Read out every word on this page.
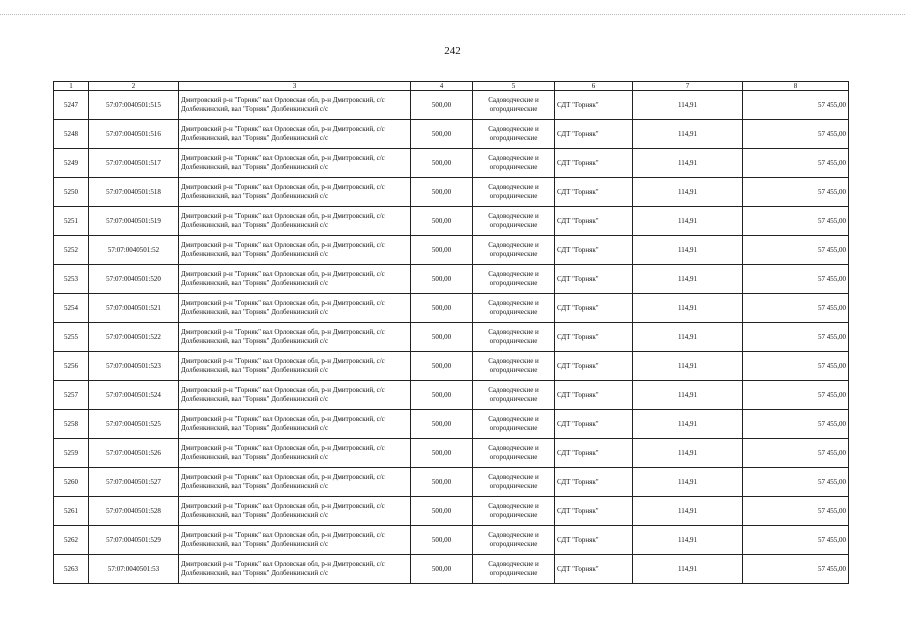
242
1	2	3	4	5	6	7	8
5247	57:07:0040501:515	Дмитровский р-н "Горняк" вал Орловская обл, р-н Дмитровский, с/с Долбенкинский, вал "Горняк" Долбенкинский с/с	500,00	Садоводческие и огороднические	СДТ "Горняк"	114,91	57 455,00
5248	57:07:0040501:516	Дмитровский р-н "Горняк" вал Орловская обл, р-н Дмитровский, с/с Долбенкинский, вал "Горняк" Долбенкинский с/с	500,00	Садоводческие и огороднические	СДТ "Горняк"	114,91	57 455,00
5249	57:07:0040501:517	Дмитровский р-н "Горняк" вал Орловская обл, р-н Дмитровский, с/с Долбенкинский, вал "Горняк" Долбенкинский с/с	500,00	Садоводческие и огороднические	СДТ "Горняк"	114,91	57 455,00
5250	57:07:0040501:518	Дмитровский р-н "Горняк" вал Орловская обл, р-н Дмитровский, с/с Долбенкинский, вал "Горняк" Долбенкинский с/с	500,00	Садоводческие и огороднические	СДТ "Горняк"	114,91	57 455,00
5251	57:07:0040501:519	Дмитровский р-н "Горняк" вал Орловская обл, р-н Дмитровский, с/с Долбенкинский, вал "Горняк" Долбенкинский с/с	500,00	Садоводческие и огороднические	СДТ "Горняк"	114,91	57 455,00
5252	57:07:0040501:52	Дмитровский р-н "Горняк" вал Орловская обл, р-н Дмитровский, с/с Долбенкинский, вал "Горняк" Долбенкинский с/с	500,00	Садоводческие и огороднические	СДТ "Горняк"	114,91	57 455,00
5253	57:07:0040501:520	Дмитровский р-н "Горняк" вал Орловская обл, р-н Дмитровский, с/с Долбенкинский, вал "Горняк" Долбенкинский с/с	500,00	Садоводческие и огороднические	СДТ "Горняк"	114,91	57 455,00
5254	57:07:0040501:521	Дмитровский р-н "Горняк" вал Орловская обл, р-н Дмитровский, с/с Долбенкинский, вал "Горняк" Долбенкинский с/с	500,00	Садоводческие и огороднические	СДТ "Горняк"	114,91	57 455,00
5255	57:07:0040501:522	Дмитровский р-н "Горняк" вал Орловская обл, р-н Дмитровский, с/с Долбенкинский, вал "Горняк" Долбенкинский с/с	500,00	Садоводческие и огороднические	СДТ "Горняк"	114,91	57 455,00
5256	57:07:0040501:523	Дмитровский р-н "Горняк" вал Орловская обл, р-н Дмитровский, с/с Долбенкинский, вал "Горняк" Долбенкинский с/с	500,00	Садоводческие и огороднические	СДТ "Горняк"	114,91	57 455,00
5257	57:07:0040501:524	Дмитровский р-н "Горняк" вал Орловская обл, р-н Дмитровский, с/с Долбенкинский, вал "Горняк" Долбенкинский с/с	500,00	Садоводческие и огороднические	СДТ "Горняк"	114,91	57 455,00
5258	57:07:0040501:525	Дмитровский р-н "Горняк" вал Орловская обл, р-н Дмитровский, с/с Долбенкинский, вал "Горняк" Долбенкинский с/с	500,00	Садоводческие и огороднические	СДТ "Горняк"	114,91	57 455,00
5259	57:07:0040501:526	Дмитровский р-н "Горняк" вал Орловская обл, р-н Дмитровский, с/с Долбенкинский, вал "Горняк" Долбенкинский с/с	500,00	Садоводческие и огороднические	СДТ "Горняк"	114,91	57 455,00
5260	57:07:0040501:527	Дмитровский р-н "Горняк" вал Орловская обл, р-н Дмитровский, с/с Долбенкинский, вал "Горняк" Долбенкинский с/с	500,00	Садоводческие и огороднические	СДТ "Горняк"	114,91	57 455,00
5261	57:07:0040501:528	Дмитровский р-н "Горняк" вал Орловская обл, р-н Дмитровский, с/с Долбенкинский, вал "Горняк" Долбенкинский с/с	500,00	Садоводческие и огороднические	СДТ "Горняк"	114,91	57 455,00
5262	57:07:0040501:529	Дмитровский р-н "Горняк" вал Орловская обл, р-н Дмитровский, с/с Долбенкинский, вал "Горняк" Долбенкинский с/с	500,00	Садоводческие и огороднические	СДТ "Горняк"	114,91	57 455,00
5263	57:07:0040501:53	Дмитровский р-н "Горняк" вал Орловская обл, р-н Дмитровский, с/с Долбенкинский, вал "Горняк" Долбенкинский с/с	500,00	Садоводческие и огороднические	СДТ "Горняк"	114,91	57 455,00
